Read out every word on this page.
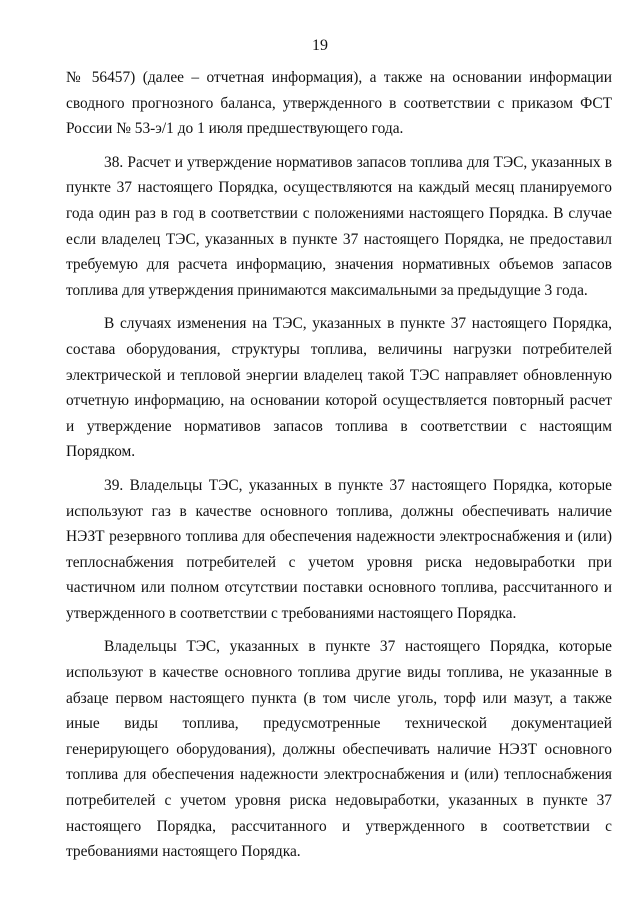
19

№ 56457) (далее – отчетная информация), а также на основании информации сводного прогнозного баланса, утвержденного в соответствии с приказом ФСТ России № 53-э/1 до 1 июля предшествующего года.

38. Расчет и утверждение нормативов запасов топлива для ТЭС, указанных в пункте 37 настоящего Порядка, осуществляются на каждый месяц планируемого года один раз в год в соответствии с положениями настоящего Порядка. В случае если владелец ТЭС, указанных в пункте 37 настоящего Порядка, не предоставил требуемую для расчета информацию, значения нормативных объемов запасов топлива для утверждения принимаются максимальными за предыдущие 3 года.

В случаях изменения на ТЭС, указанных в пункте 37 настоящего Порядка, состава оборудования, структуры топлива, величины нагрузки потребителей электрической и тепловой энергии владелец такой ТЭС направляет обновленную отчетную информацию, на основании которой осуществляется повторный расчет и утверждение нормативов запасов топлива в соответствии с настоящим Порядком.

39. Владельцы ТЭС, указанных в пункте 37 настоящего Порядка, которые используют газ в качестве основного топлива, должны обеспечивать наличие НЭЗТ резервного топлива для обеспечения надежности электроснабжения и (или) теплоснабжения потребителей с учетом уровня риска недовыработки при частичном или полном отсутствии поставки основного топлива, рассчитанного и утвержденного в соответствии с требованиями настоящего Порядка.

Владельцы ТЭС, указанных в пункте 37 настоящего Порядка, которые используют в качестве основного топлива другие виды топлива, не указанные в абзаце первом настоящего пункта (в том числе уголь, торф или мазут, а также иные виды топлива, предусмотренные технической документацией генерирующего оборудования), должны обеспечивать наличие НЭЗТ основного топлива для обеспечения надежности электроснабжения и (или) теплоснабжения потребителей с учетом уровня риска недовыработки, указанных в пункте 37 настоящего Порядка, рассчитанного и утвержденного в соответствии с требованиями настоящего Порядка.
